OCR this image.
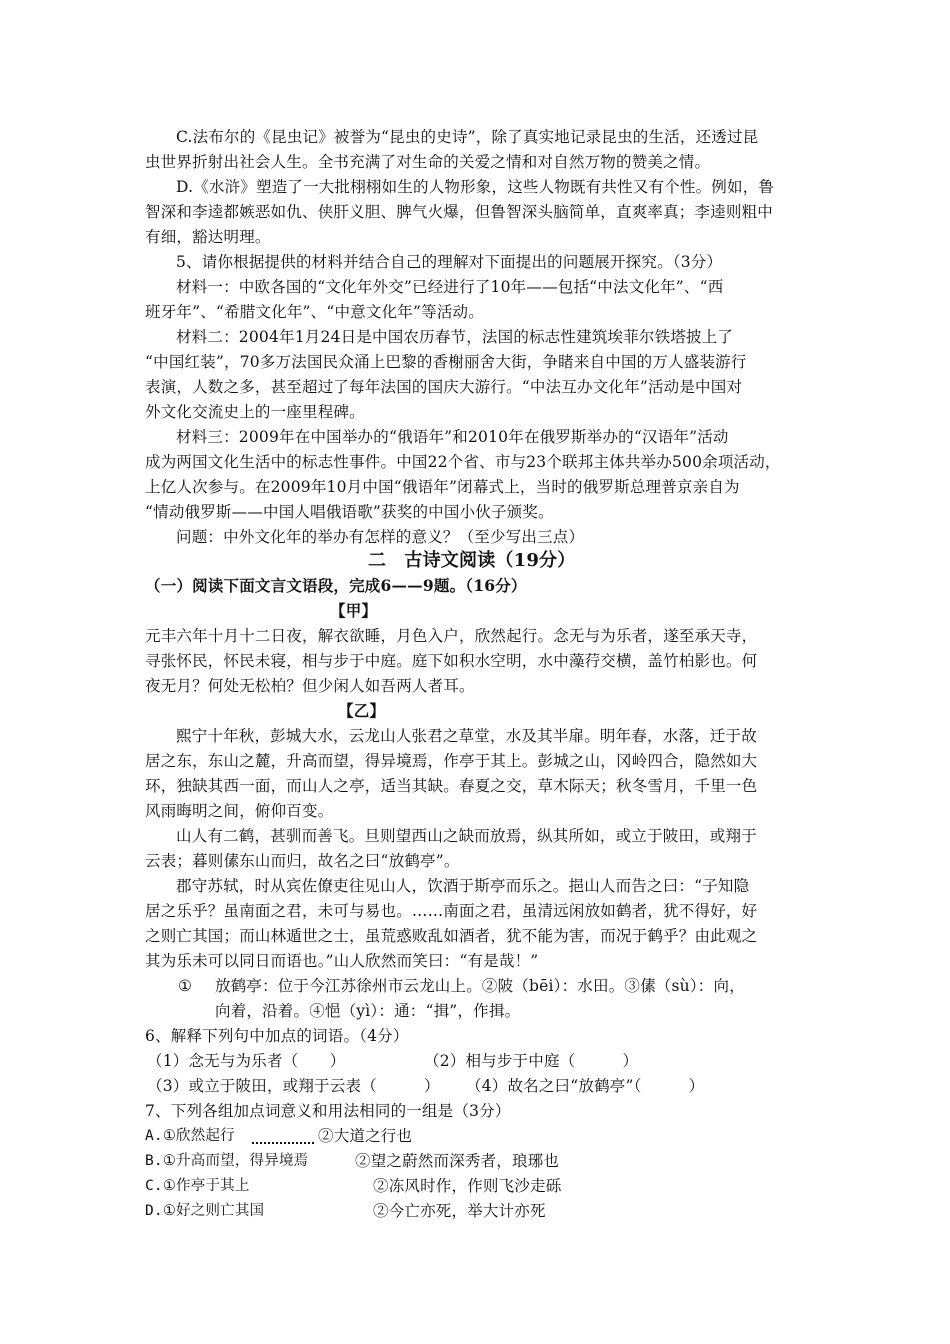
C.法布尔的《昆虫记》被誉为“昆虫的史诗”，除了真实地记录昆虫的生活，还透过昆
虫世界折射出社会人生。全书充满了对生命的关爱之情和对自然万物的赞美之情。
D.《水浒》塑造了一大批栩栩如生的人物形象，这些人物既有共性又有个性。例如，鲁
智深和李逵都嫉恶如仇、侠肝义胆、脾气火爆，但鲁智深头脑简单，直爽率真；李逵则粗中
有细，豁达明理。
5、请你根据提供的材料并结合自己的理解对下面提出的问题展开探究。（3分）
材料一：中欧各国的“文化年外交”已经进行了10年——包括“中法文化年”、“西
班牙年”、“希腊文化年”、“中意文化年”等活动。
材料二：2004年1月24日是中国农历春节，法国的标志性建筑埃菲尔铁塔披上了
“中国红装”，70多万法国民众涌上巴黎的香榭丽舍大街，争睹来自中国的万人盛装游行
表演，人数之多，甚至超过了每年法国的国庆大游行。“中法互办文化年”活动是中国对
外文化交流史上的一座里程碑。
材料三：2009年在中国举办的“俄语年”和2010年在俄罗斯举办的“汉语年”活动
成为两国文化生活中的标志性事件。中国22个省、市与23个联邦主体共举办500余项活动，
上亿人次参与。在2009年10月中国“俄语年”闭幕式上，当时的俄罗斯总理普京亲自为
“情动俄罗斯——中国人唱俄语歌”获奖的中国小伙子颁奖。
问题：中外文化年的举办有怎样的意义？（至少写出三点）
二　古诗文阅读（19分）
（一）阅读下面文言文语段，完成6——9题。（16分）
【甲】
元丰六年十月十二日夜，解衣欲睡，月色入户，欣然起行。念无与为乐者，遂至承天寺，
寻张怀民，怀民未寝，相与步于中庭。庭下如积水空明，水中藻荇交横，盖竹柏影也。何
夜无月？何处无松柏？但少闲人如吾两人者耳。
【乙】
熙宁十年秋，彭城大水，云龙山人张君之草堂，水及其半扉。明年春，水落，迁于故
居之东，东山之麓，升高而望，得异境焉，作亭于其上。彭城之山，冈岭四合，隐然如大
环，独缺其西一面，而山人之亭，适当其缺。春夏之交，草木际天；秋冬雪月，千里一色
风雨晦明之间，俯仰百变。
山人有二鹤，甚驯而善飞。旦则望西山之缺而放焉，纵其所如，或立于陂田，或翔于
云表；暮则傃东山而归，故名之曰“放鹤亭”。
郡守苏轼，时从宾佐僚吏往见山人，饮酒于斯亭而乐之。挹山人而告之曰：“子知隐
居之乐乎？虽南面之君，未可与易也。……南面之君，虽清远闲放如鹤者，犹不得好，好
之则亡其国；而山林遁世之士，虽荒惑败乱如酒者，犹不能为害，而况于鹤乎？由此观之
其为乐未可以同日而语也。”山人欣然而笑曰：“有是哉！”
① 放鹤亭：位于今江苏徐州市云龙山上。②陂（bēi）：水田。③傃（sù）：向，
向着，沿着。④悒（yì）：通：“揖”，作揖。
6、解释下列句中加点的词语。（4分）
（1）念无与为乐者（　　）	（2）相与步于中庭（　　　）
（3）或立于陂田，或翔于云表（　　　） （4）故名之曰“放鹤亭”（　　　）
7、下列各组加点词意义和用法相同的一组是（3分）
A.①欣然起行	②大道之行也
B.①升高而望，得异境焉	②望之蔚然而深秀者，琅琊也
C.①作亭于其上	②冻风时作，作则飞沙走砾
D.①好之则亡其国	②今亡亦死，举大计亦死
